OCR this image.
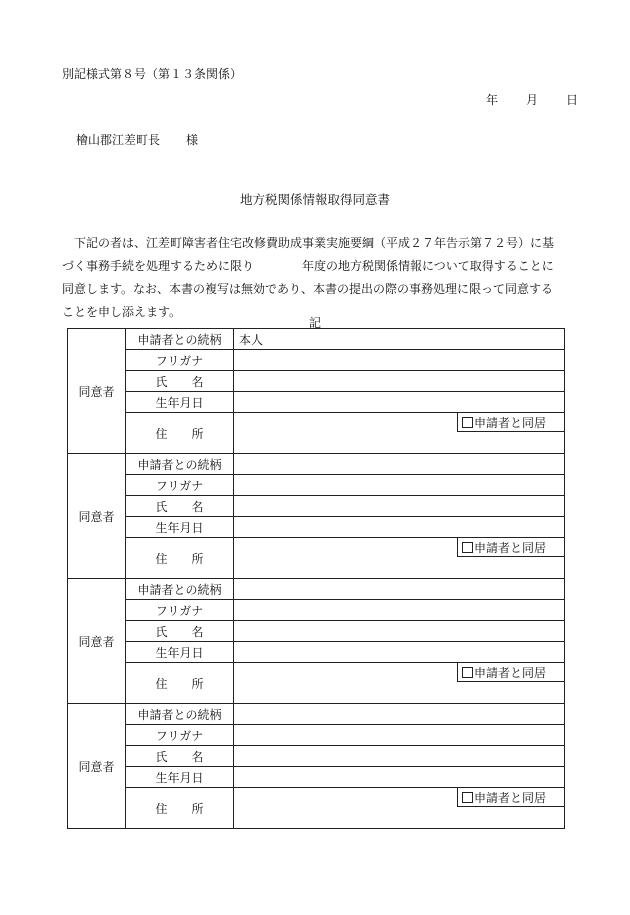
別記様式第８号（第１３条関係）
年 月 日
檜山郡江差町長 様
地方税関係情報取得同意書
　下記の者は、江差町障害者住宅改修費助成事業実施要綱（平成２７年告示第７２号）に基
づく事務手続を処理するために限り　　　　年度の地方税関係情報について取得することに
同意します。なお、本書の複写は無効であり、本書の提出の際の事務処理に限って同意する
ことを申し添えます。
記
同意者	申請者との続柄	本人
	フリガナ	
	氏　　名	
	生年月日	
	住　　所	申請者と同居

同意者	申請者との続柄	
	フリガナ	
	氏　　名	
	生年月日	
	住　　所	申請者と同居

同意者	申請者との続柄	
	フリガナ	
	氏　　名	
	生年月日	
	住　　所	申請者と同居

同意者	申請者との続柄	
	フリガナ	
	氏　　名	
	生年月日	
	住　　所	申請者と同居
